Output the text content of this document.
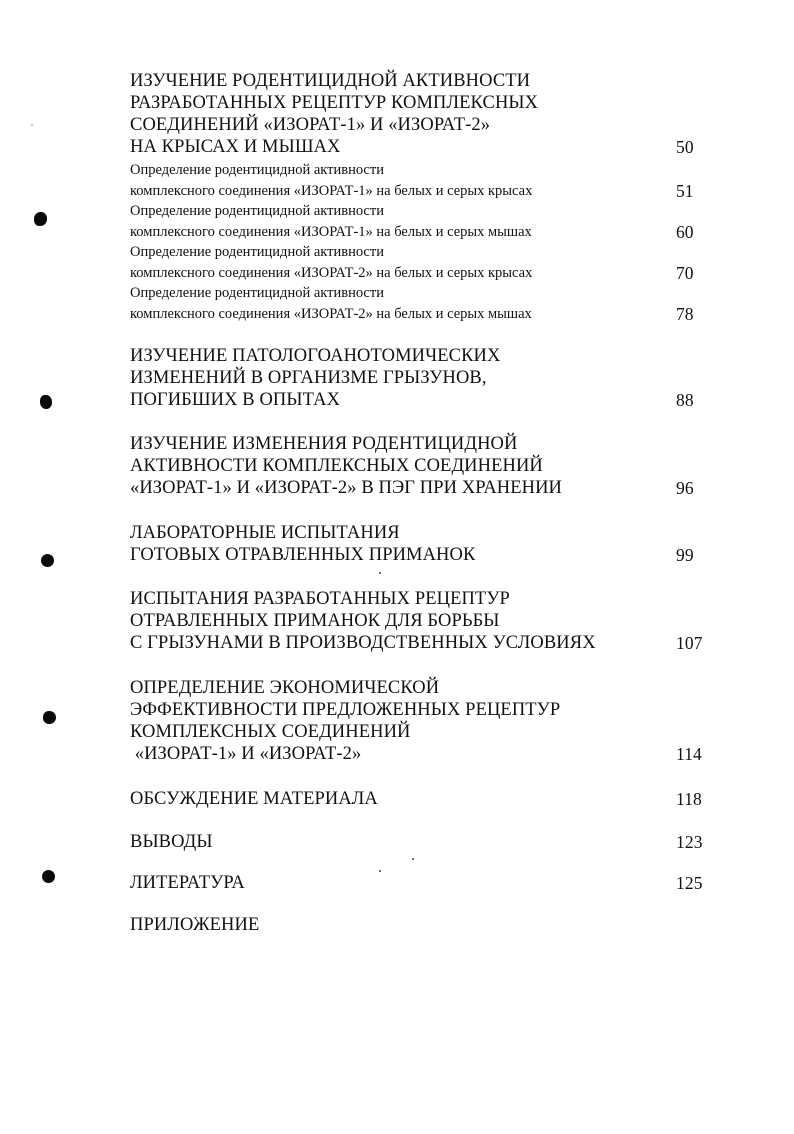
ИЗУЧЕНИЕ РОДЕНТИЦИДНОЙ АКТИВНОСТИ
РАЗРАБОТАННЫХ РЕЦЕПТУР КОМПЛЕКСНЫХ
СОЕДИНЕНИЙ «ИЗОРАТ-1» И «ИЗОРАТ-2»
НА КРЫСАХ И МЫШАХ	50
Определение родентицидной активности
комплексного соединения «ИЗОРАТ-1» на белых и серых крысах	51
Определение родентицидной активности
комплексного соединения «ИЗОРАТ-1» на белых и серых мышах	60
Определение родентицидной активности
комплексного соединения «ИЗОРАТ-2» на белых и серых крысах	70
Определение родентицидной активности
комплексного соединения «ИЗОРАТ-2» на белых и серых мышах	78
ИЗУЧЕНИЕ ПАТОЛОГОАНОТОМИЧЕСКИХ
ИЗМЕНЕНИЙ В ОРГАНИЗМЕ ГРЫЗУНОВ,
ПОГИБШИХ В ОПЫТАХ	88
ИЗУЧЕНИЕ ИЗМЕНЕНИЯ РОДЕНТИЦИДНОЙ
АКТИВНОСТИ КОМПЛЕКСНЫХ СОЕДИНЕНИЙ
«ИЗОРАТ-1» И «ИЗОРАТ-2» В ПЭГ ПРИ ХРАНЕНИИ	96
ЛАБОРАТОРНЫЕ ИСПЫТАНИЯ
ГОТОВЫХ ОТРАВЛЕННЫХ ПРИМАНОК	99
ИСПЫТАНИЯ РАЗРАБОТАННЫХ РЕЦЕПТУР
ОТРАВЛЕННЫХ ПРИМАНОК ДЛЯ БОРЬБЫ
С ГРЫЗУНАМИ В ПРОИЗВОДСТВЕННЫХ УСЛОВИЯХ	107
ОПРЕДЕЛЕНИЕ ЭКОНОМИЧЕСКОЙ
ЭФФЕКТИВНОСТИ ПРЕДЛОЖЕННЫХ РЕЦЕПТУР
КОМПЛЕКСНЫХ СОЕДИНЕНИЙ
«ИЗОРАТ-1» И «ИЗОРАТ-2»	114
ОБСУЖДЕНИЕ МАТЕРИАЛА	118
ВЫВОДЫ	123
ЛИТЕРАТУРА	125
ПРИЛОЖЕНИЕ
